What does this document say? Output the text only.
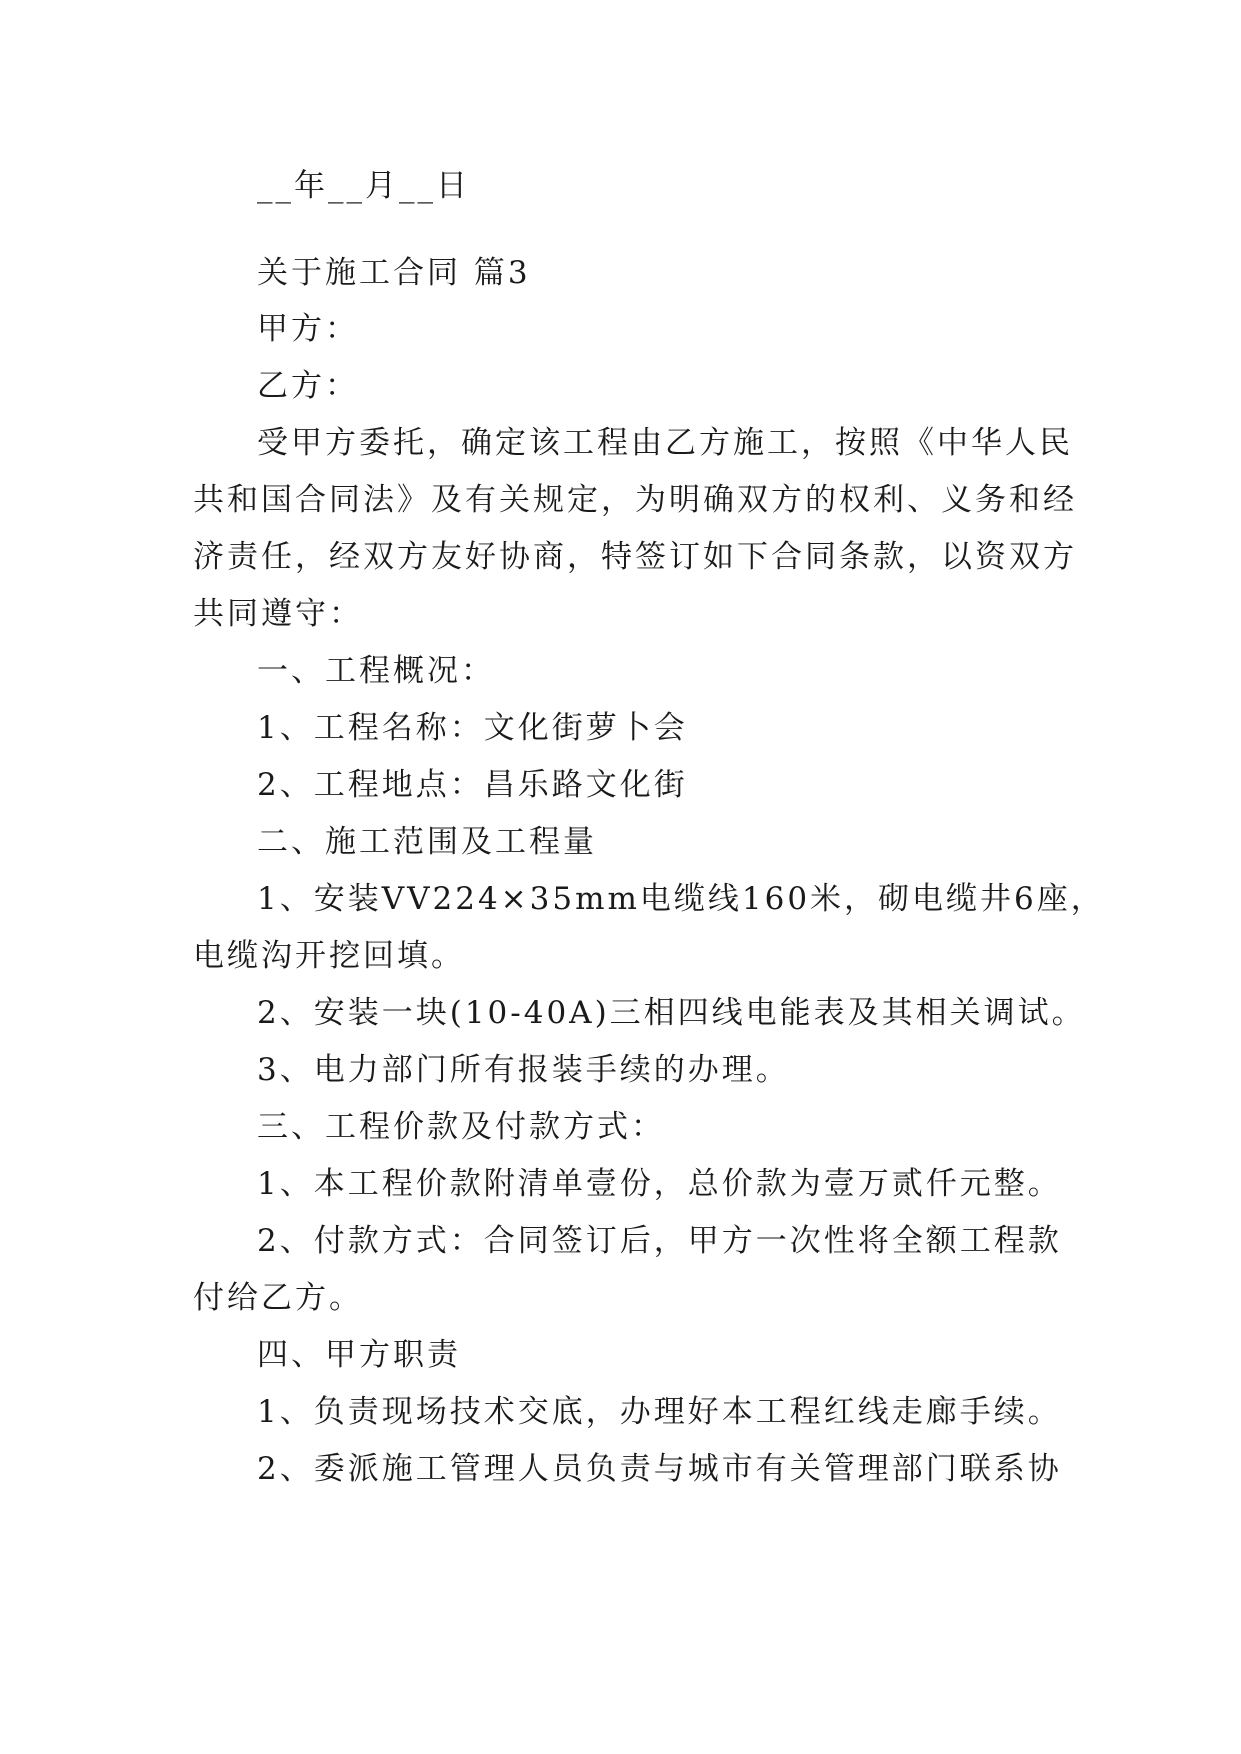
__年__月__日
关于施工合同 篇3
甲方：
乙方：
受甲方委托，确定该工程由乙方施工，按照《中华人民
共和国合同法》及有关规定，为明确双方的权利、义务和经
济责任，经双方友好协商，特签订如下合同条款，以资双方
共同遵守：
一、工程概况：
1、工程名称：文化街萝卜会
2、工程地点：昌乐路文化街
二、施工范围及工程量
1、安装VV224×35mm电缆线160米，砌电缆井6座，
电缆沟开挖回填。
2、安装一块(10-40A)三相四线电能表及其相关调试。
3、电力部门所有报装手续的办理。
三、工程价款及付款方式：
1、本工程价款附清单壹份，总价款为壹万贰仟元整。
2、付款方式：合同签订后，甲方一次性将全额工程款
付给乙方。
四、甲方职责
1、负责现场技术交底，办理好本工程红线走廊手续。
2、委派施工管理人员负责与城市有关管理部门联系协
